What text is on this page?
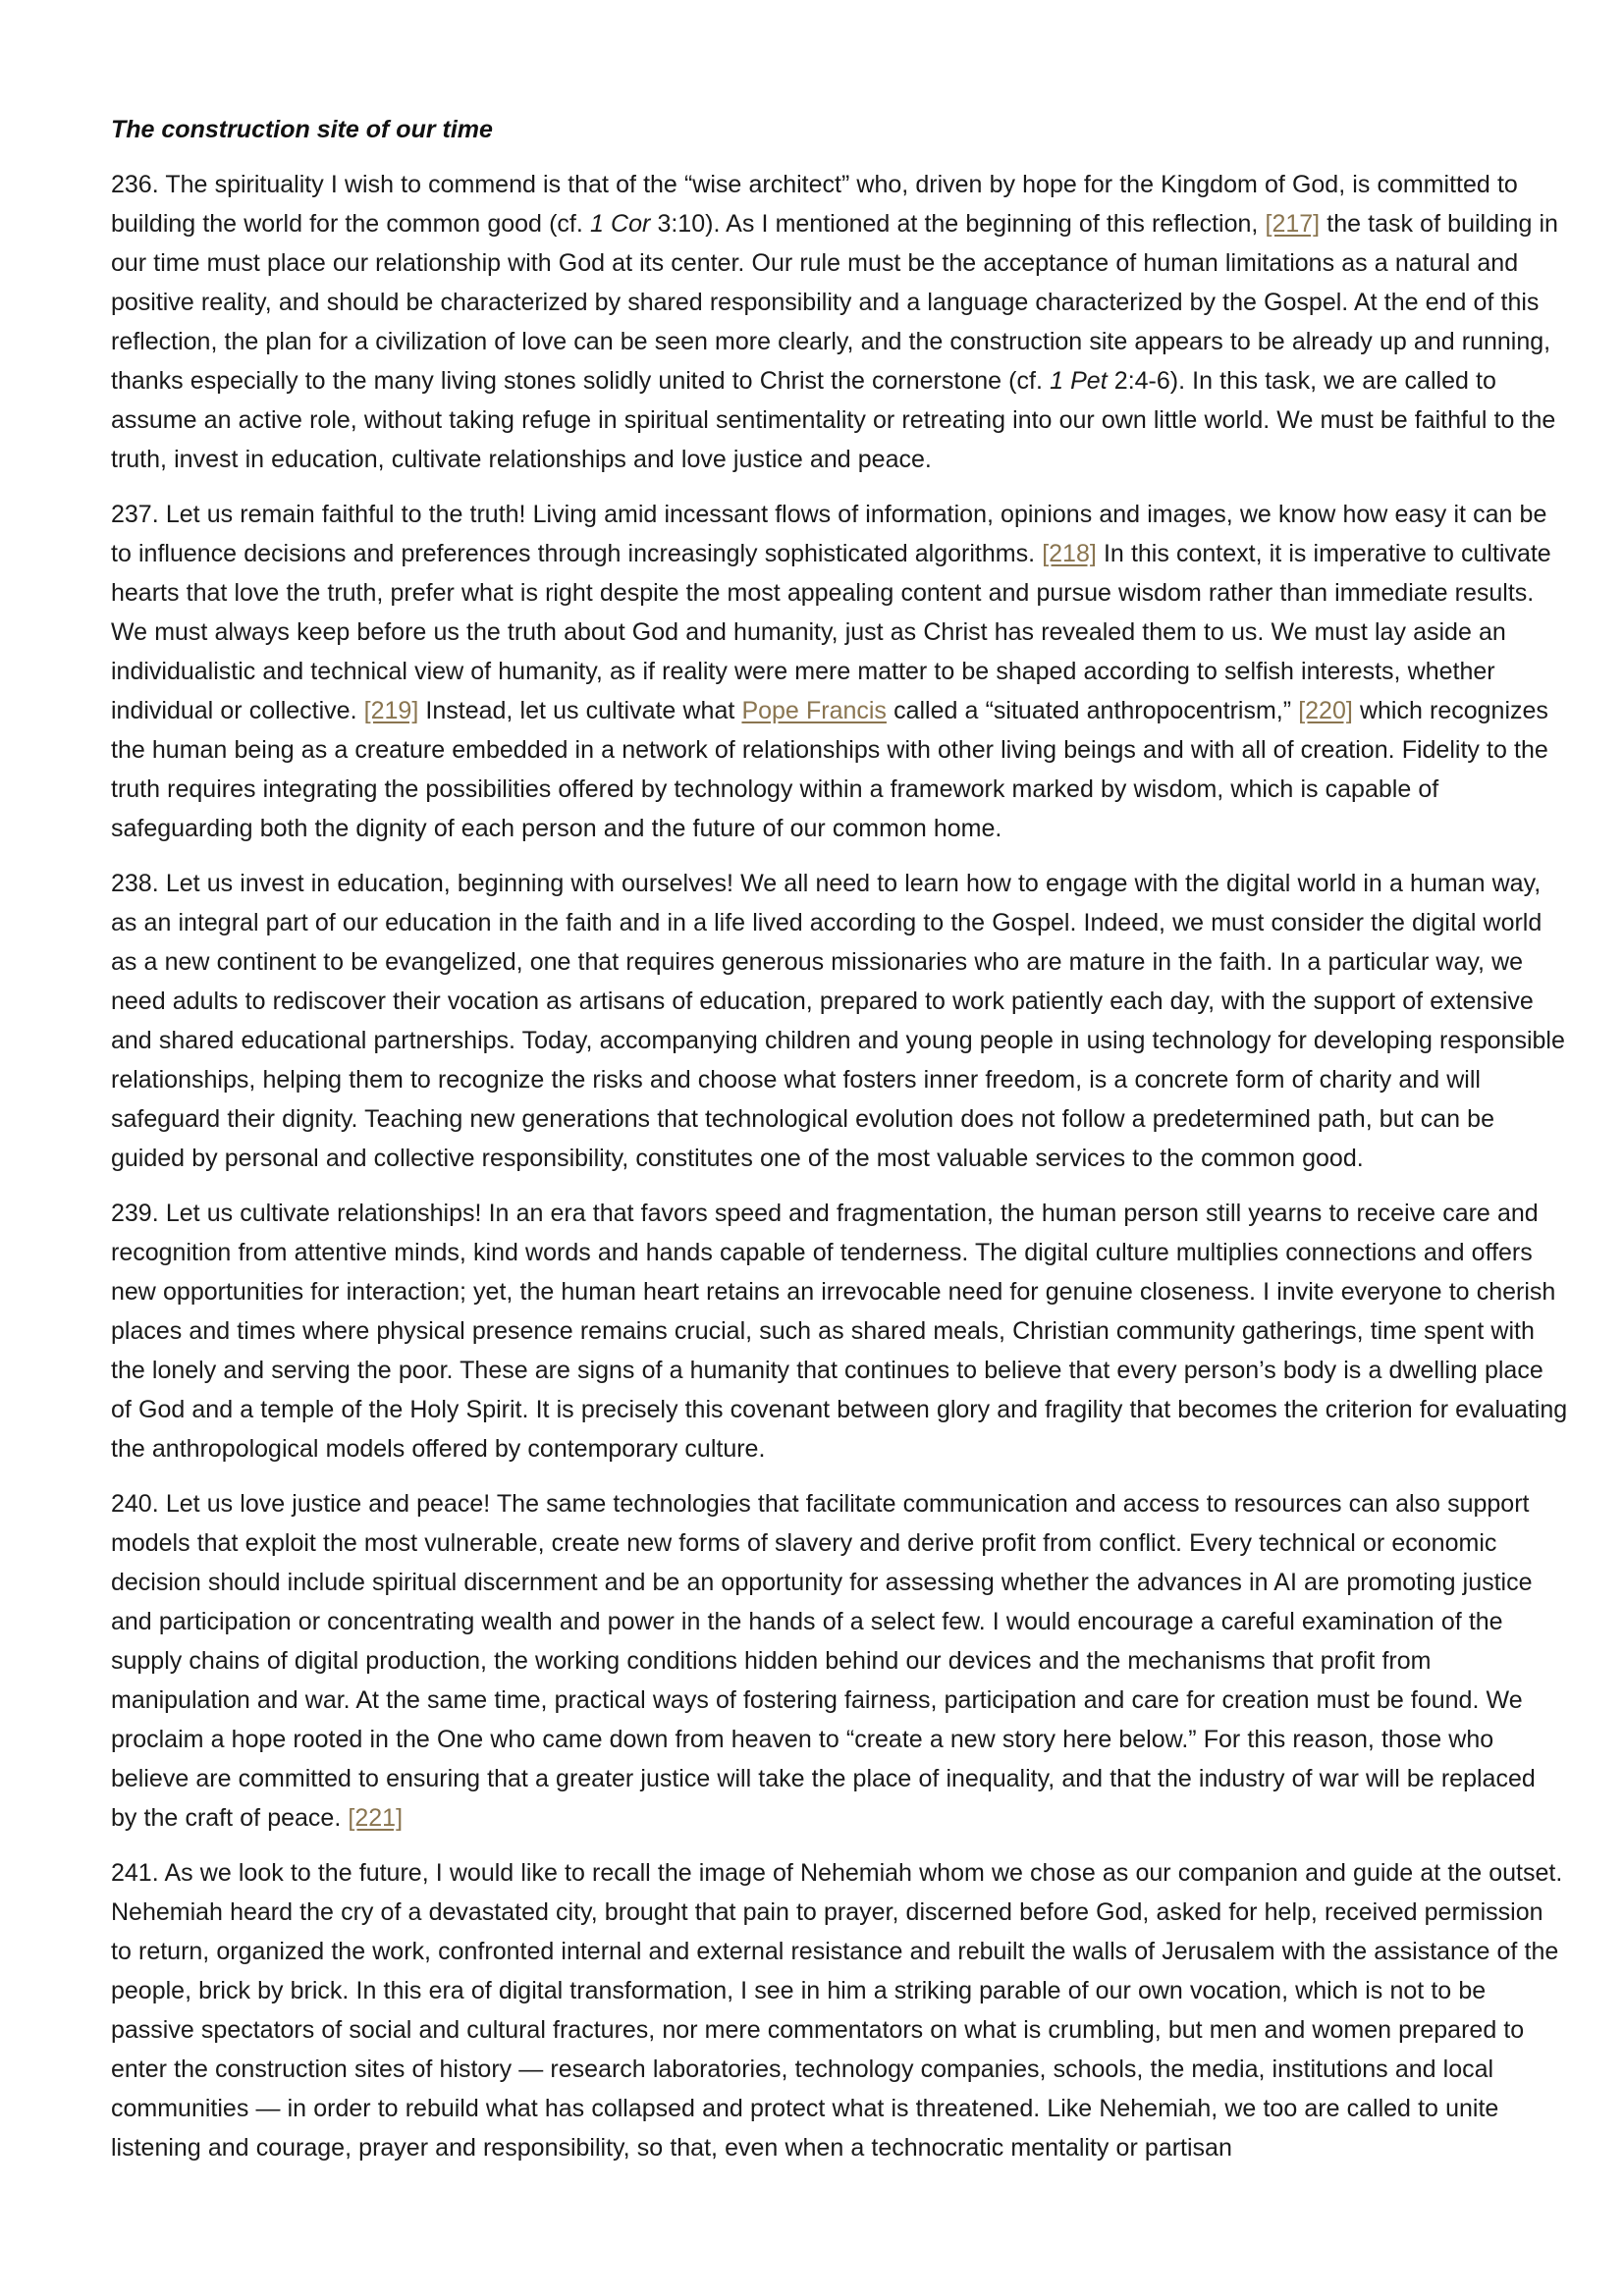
The construction site of our time

236. The spirituality I wish to commend is that of the “wise architect” who, driven by hope for the Kingdom of God, is committed to building the world for the common good (cf. 1 Cor 3:10). As I mentioned at the beginning of this reflection, [217] the task of building in our time must place our relationship with God at its center. Our rule must be the acceptance of human limitations as a natural and positive reality, and should be characterized by shared responsibility and a language characterized by the Gospel. At the end of this reflection, the plan for a civilization of love can be seen more clearly, and the construction site appears to be already up and running, thanks especially to the many living stones solidly united to Christ the cornerstone (cf. 1 Pet 2:4-6). In this task, we are called to assume an active role, without taking refuge in spiritual sentimentality or retreating into our own little world. We must be faithful to the truth, invest in education, cultivate relationships and love justice and peace.

237. Let us remain faithful to the truth! Living amid incessant flows of information, opinions and images, we know how easy it can be to influence decisions and preferences through increasingly sophisticated algorithms. [218] In this context, it is imperative to cultivate hearts that love the truth, prefer what is right despite the most appealing content and pursue wisdom rather than immediate results. We must always keep before us the truth about God and humanity, just as Christ has revealed them to us. We must lay aside an individualistic and technical view of humanity, as if reality were mere matter to be shaped according to selfish interests, whether individual or collective. [219] Instead, let us cultivate what Pope Francis called a “situated anthropocentrism,” [220] which recognizes the human being as a creature embedded in a network of relationships with other living beings and with all of creation. Fidelity to the truth requires integrating the possibilities offered by technology within a framework marked by wisdom, which is capable of safeguarding both the dignity of each person and the future of our common home.

238. Let us invest in education, beginning with ourselves! We all need to learn how to engage with the digital world in a human way, as an integral part of our education in the faith and in a life lived according to the Gospel. Indeed, we must consider the digital world as a new continent to be evangelized, one that requires generous missionaries who are mature in the faith. In a particular way, we need adults to rediscover their vocation as artisans of education, prepared to work patiently each day, with the support of extensive and shared educational partnerships. Today, accompanying children and young people in using technology for developing responsible relationships, helping them to recognize the risks and choose what fosters inner freedom, is a concrete form of charity and will safeguard their dignity. Teaching new generations that technological evolution does not follow a predetermined path, but can be guided by personal and collective responsibility, constitutes one of the most valuable services to the common good.

239. Let us cultivate relationships! In an era that favors speed and fragmentation, the human person still yearns to receive care and recognition from attentive minds, kind words and hands capable of tenderness. The digital culture multiplies connections and offers new opportunities for interaction; yet, the human heart retains an irrevocable need for genuine closeness. I invite everyone to cherish places and times where physical presence remains crucial, such as shared meals, Christian community gatherings, time spent with the lonely and serving the poor. These are signs of a humanity that continues to believe that every person’s body is a dwelling place of God and a temple of the Holy Spirit. It is precisely this covenant between glory and fragility that becomes the criterion for evaluating the anthropological models offered by contemporary culture.

240. Let us love justice and peace! The same technologies that facilitate communication and access to resources can also support models that exploit the most vulnerable, create new forms of slavery and derive profit from conflict. Every technical or economic decision should include spiritual discernment and be an opportunity for assessing whether the advances in AI are promoting justice and participation or concentrating wealth and power in the hands of a select few. I would encourage a careful examination of the supply chains of digital production, the working conditions hidden behind our devices and the mechanisms that profit from manipulation and war. At the same time, practical ways of fostering fairness, participation and care for creation must be found. We proclaim a hope rooted in the One who came down from heaven to “create a new story here below.” For this reason, those who believe are committed to ensuring that a greater justice will take the place of inequality, and that the industry of war will be replaced by the craft of peace. [221]

241. As we look to the future, I would like to recall the image of Nehemiah whom we chose as our companion and guide at the outset. Nehemiah heard the cry of a devastated city, brought that pain to prayer, discerned before God, asked for help, received permission to return, organized the work, confronted internal and external resistance and rebuilt the walls of Jerusalem with the assistance of the people, brick by brick. In this era of digital transformation, I see in him a striking parable of our own vocation, which is not to be passive spectators of social and cultural fractures, nor mere commentators on what is crumbling, but men and women prepared to enter the construction sites of history — research laboratories, technology companies, schools, the media, institutions and local communities — in order to rebuild what has collapsed and protect what is threatened. Like Nehemiah, we too are called to unite listening and courage, prayer and responsibility, so that, even when a technocratic mentality or partisan
